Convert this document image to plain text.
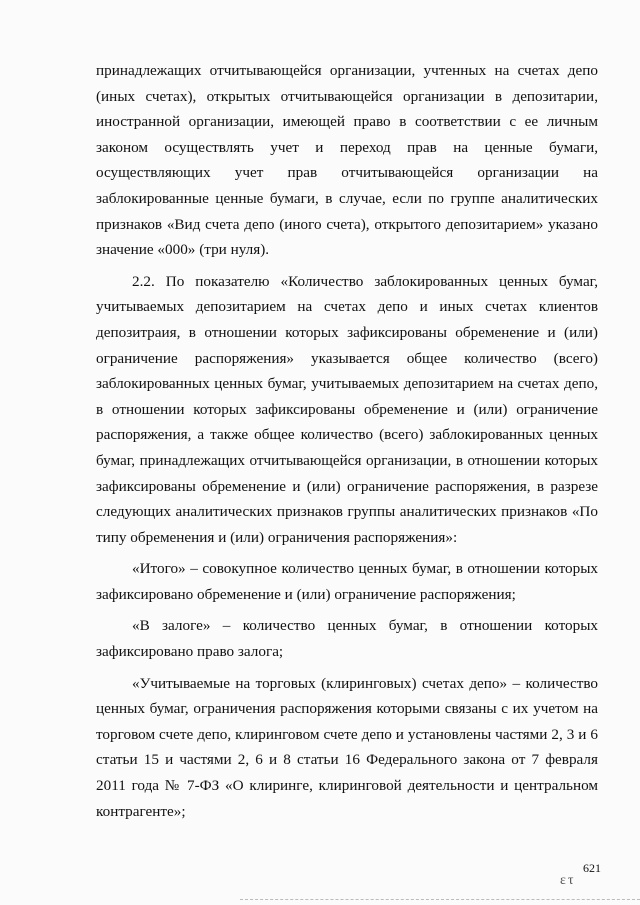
принадлежащих отчитывающейся организации, учтенных на счетах депо (иных счетах), открытых отчитывающейся организации в депозитарии, иностранной организации, имеющей право в соответствии с ее личным законом осуществлять учет и переход прав на ценные бумаги, осуществляющих учет прав отчитывающейся организации на заблокированные ценные бумаги, в случае, если по группе аналитических признаков «Вид счета депо (иного счета), открытого депозитарием» указано значение «000» (три нуля).

2.2. По показателю «Количество заблокированных ценных бумаг, учитываемых депозитарием на счетах депо и иных счетах клиентов депозитраия, в отношении которых зафиксированы обременение и (или) ограничение распоряжения» указывается общее количество (всего) заблокированных ценных бумаг, учитываемых депозитарием на счетах депо, в отношении которых зафиксированы обременение и (или) ограничение распоряжения, а также общее количество (всего) заблокированных ценных бумаг, принадлежащих отчитывающейся организации, в отношении которых зафиксированы обременение и (или) ограничение распоряжения, в разрезе следующих аналитических признаков группы аналитических признаков «По типу обременения и (или) ограничения распоряжения»:

«Итого» – совокупное количество ценных бумаг, в отношении которых зафиксировано обременение и (или) ограничение распоряжения;

«В залоге» – количество ценных бумаг, в отношении которых зафиксировано право залога;

«Учитываемые на торговых (клиринговых) счетах депо» – количество ценных бумаг, ограничения распоряжения которыми связаны с их учетом на торговом счете депо, клиринговом счете депо и установлены частями 2, 3 и 6 статьи 15 и частями 2, 6 и 8 статьи 16 Федерального закона от 7 февраля 2011 года № 7-ФЗ «О клиринге, клиринговой деятельности и центральном контрагенте»;

621
ετ
